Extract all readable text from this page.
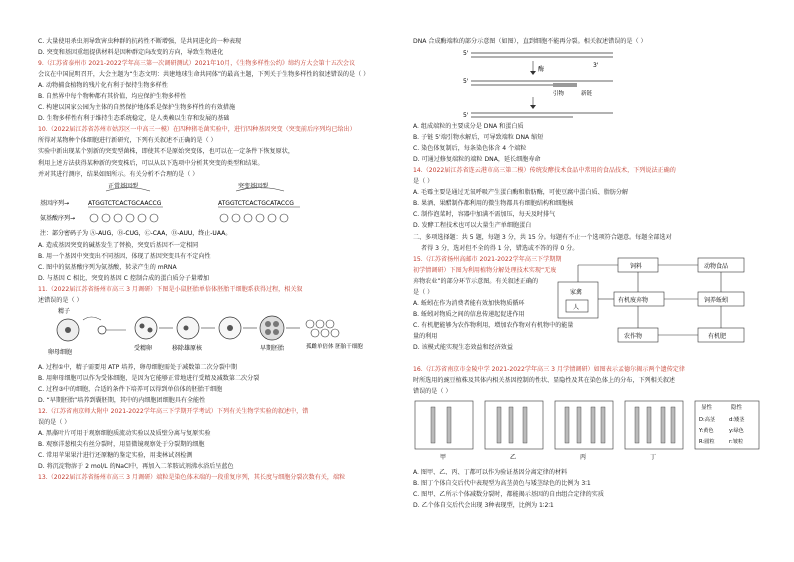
C. 大量使用杀虫剂导致害虫种群的抗药性不断增强，是共同进化的一种表现
D. 突变和基因重组提供材料是因种群定向改变的方向，导致生物进化
9.（江苏省泰州市 2021-2022学年高三第一次调研测试）2021年10月，《生物多样性公约》缔约方大会第十五次会议
会议在中国昆明召开，大会主题为“生态文明：共建地球生命共同体”的最高主题，下列关于生物多样性的叙述错误的是（ ）
A. 动物捕食植物的残片化有利于保持生物多样性
B. 自然界中每个物种都有其价值，均应保护生物多样性
C. 构建以国家公园为主体的自然保护地体系是保护生物多样性的有效措施
D. 生物多样性有利于维持生态系统稳定，是人类赖以生存和发展的基础
10.（2022届江苏省苏州市姑苏区一中高三一模）在四种猪毛菌实验中，进行四种基因突变（突变前后序列均已给出）
所得对某物种个体细胞进行新研究，下列有关叙述不正确的是（ ）
实验中新出现某个别新的突变型菌株，即使其不是原始突变体，也可以在一定条件下恢复原状，
利用上述方法获得某种新的突变株后，可以从以下选项中分析其突变的类型和结果。
并对其进行测序，结果如图所示。有关分析不合理的是（ ）
正常基因型	突变基因型
基因序列→	ATGGTCTCACTGCAACCG	ATGGTCTCACTGCATACCG
氨基酸序列→
注：部分密码子为 Ⓐ-AUG，Ⓑ-CUG，Ⓒ-CAA，Ⓓ-AUU，终止-UAA。
A. 造成基因突变的碱基发生了替换，突变后基因不一定相同
B. 用一个基因中突变出不同基因，体现了基因突变具有不定向性
C. 图中的氨基酸序列为氨基酸，转录产生的 mRNA
D. 与基因 C 相比，突变的基因 C 控制合成的蛋白质分子量增加
11.（2022届江苏省扬州市高三 3 月调研）下图是小鼠胚胎单倍体胚胎干细胞系获得过程，相关叙
述错误的是（ ）
精子
卵母细胞
受精卵	移除雄原核	早期胚胎	孤雌单倍体 胚胎干细胞
A. 过程①中，精子需要用 ATP 培养，卵母细胞需处于减数第二次分裂中期
B. 用卵母细胞可以作为受体细胞，是因为它能够正常地进行受精及减数第二次分裂
C. 过程③中的细胞，合适的条件下培养可以得到单倍体的胚胎干细胞
D. “早期胚胎”培养到囊胚期，其中的内细胞团细胞具有全能性
12.（江苏省南京师大附中 2021-2022学年高三下学期开学考试）下列有关生物学实验的叙述中，错
误的是（ ）
A. 黑藻叶片可用于观察细胞质流动实验以及质壁分离与复原实验
B. 观察洋葱根尖有丝分裂时，用显微镜观察处于分裂期的细胞
C. 常用苹果果汁进行还原糖的鉴定实验，用斐林试剂检测
D. 将沉淀物溶于 2 mol/L 的NaCl中，再加入二苯胺试剂沸水浴后呈蓝色
13.（2022届江苏省扬州市高三 3 月调研）端粒是染色体末端的一段重复序列，其长度与细胞分裂次数有关，端粒
DNA 合成酶端粒的部分示意图（如图），直到细胞不能再分裂。相关叙述错误的是（ ）
5'
3'
酶
5'
引物	新链
5'
A. 组成端粒的主要成分是 DNA 和蛋白质
B. 子链 5'端引物水解后，可导致端粒 DNA 缩短
C. 染色体复制后，每条染色体含 4 个端粒
D. 可通过修复端粒的端粒 DNA，延长细胞寿命
14.（2022届江苏省连云港市高三第二模）传统发酵技术食品中常用的食品技术，下列说法正确的
是（ ）
A. 毛霉主要是通过无氧呼吸产生蛋白酶和脂肪酶，可使豆腐中蛋白质、脂肪分解
B. 果酒、果醋制作都利用的微生物都具有细胞结构和细胞核
C. 制作泡菜时，容器中加满不需加压，每天及时排气
D. 发酵工程技术也可以大量生产单细胞蛋白
二、多项选择题：共 5 题，每题 3 分，共 15 分。每题有不止一个选项符合题意。每题全部选对
者得 3 分，选对但不全的得 1 分，错选或不答的得 0 分。
15.（江苏省扬州高邮市 2021-2022学年高三下学期期
初学情调研）下图为利用植物分解处理技术实现“无废
弃物农业”的部分环节示意图。有关叙述正确的
是（ ）
A. 蚯蚓在作为消费者能有效加快物质循环
B. 蚯蚓对物质之间的信息传递起促进作用
C. 有机肥能够为农作物利用，增加农作物对有机物中的能量
量的利用
D. 该模式能实现生态效益和经济效益
饲料	动物食品
家禽
人
有机废弃物	饲养蚯蚓
农作物	有机肥
16.（江苏省南京市金陵中学 2021-2022学年高三 3 月学情调研）如图表示孟德尔揭示两个遗传定律
时所选用的豌豆植株及其体内相关基因控制的性状、显隐性及其在染色体上的分布，下列相关叙述
错误的是（ ）
甲	乙	丙	丁
显性	隐性
D:高茎	d:矮茎
Y:黄色	y:绿色
R:圆粒	r:皱粒
A. 图甲、乙、丙、丁都可以作为验证基因分离定律的材料
B. 图丁个体自交后代中表现型为高茎黄色与矮茎绿色的比例为 3∶1
C. 图甲、乙所示个体减数分裂时，都能揭示基因的自由组合定律的实质
D. 乙个体自交后代会出现 3种表现型，比例为 1∶2∶1
